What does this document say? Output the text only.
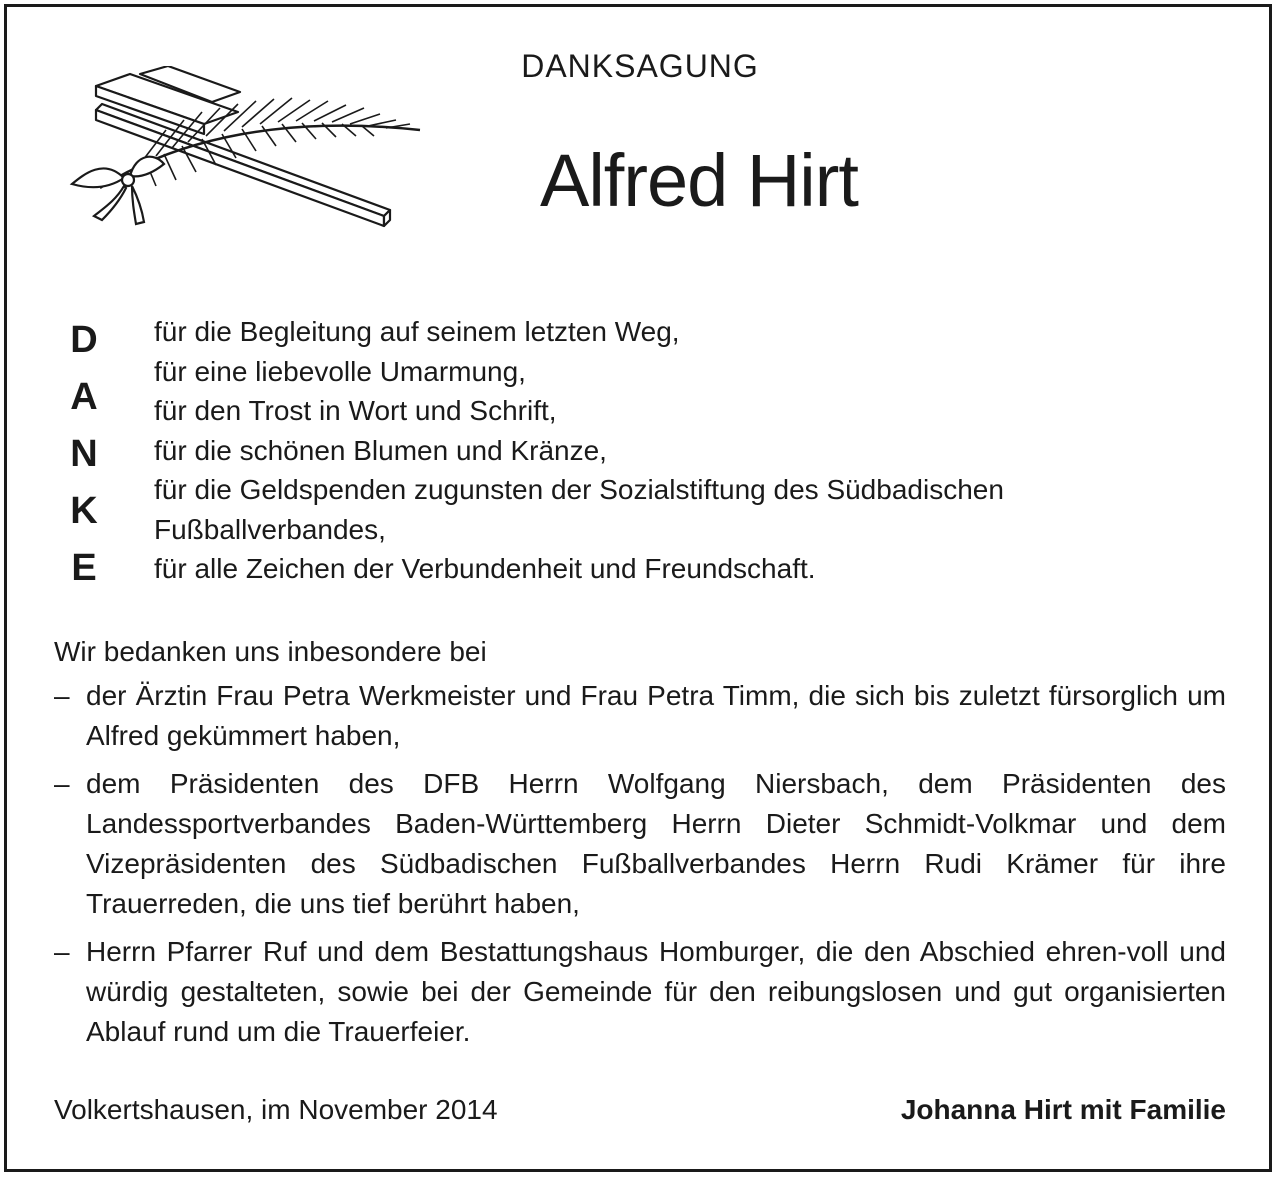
DANKSAGUNG
Alfred Hirt
D
A
N
K
E
für die Begleitung auf seinem letzten Weg,
für eine liebevolle Umarmung,
für den Trost in Wort und Schrift,
für die schönen Blumen und Kränze,
für die Geldspenden zugunsten der Sozialstiftung des Südbadischen
Fußballverbandes,
für alle Zeichen der Verbundenheit und Freundschaft.
Wir bedanken uns inbesondere bei
– der Ärztin Frau Petra Werkmeister und Frau Petra Timm, die sich bis zuletzt fürsorglich um Alfred gekümmert haben,
– dem Präsidenten des DFB Herrn Wolfgang Niersbach, dem Präsidenten des Landessportverbandes Baden-Württemberg Herrn Dieter Schmidt-Volkmar und dem Vizepräsidenten des Südbadischen Fußballverbandes Herrn Rudi Krämer für ihre Trauerreden, die uns tief berührt haben,
– Herrn Pfarrer Ruf und dem Bestattungshaus Homburger, die den Abschied ehren-voll und würdig gestalteten, sowie bei der Gemeinde für den reibungslosen und gut organisierten Ablauf rund um die Trauerfeier.
Volkertshausen, im November 2014	Johanna Hirt mit Familie
